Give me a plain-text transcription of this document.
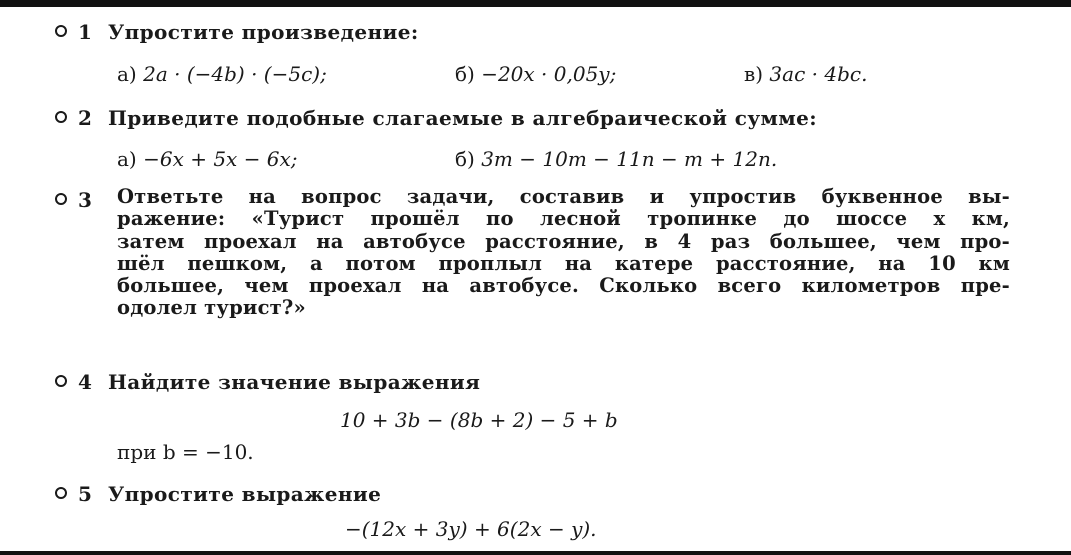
1 Упростите произведение:
а) 2a · (−4b) · (−5c);	б) −20x · 0,05y;	в) 3ac · 4bc.
2 Приведите подобные слагаемые в алгебраической сумме:
а) −6x + 5x − 6x;	б) 3m − 10m − 11n − m + 12n.
3	Ответьте на вопрос задачи, составив и упростив буквенное вы-
ражение: «Турист прошёл по лесной тропинке до шоссе x км,
затем проехал на автобусе расстояние, в 4 раз большее, чем про-
шёл пешком, а потом проплыл на катере расстояние, на 10 км
большее, чем проехал на автобусе. Сколько всего километров пре-
одолел турист?»
4 Найдите значение выражения
10 + 3b − (8b + 2) − 5 + b
при b = −10.
5 Упростите выражение
−(12x + 3y) + 6(2x − y).
